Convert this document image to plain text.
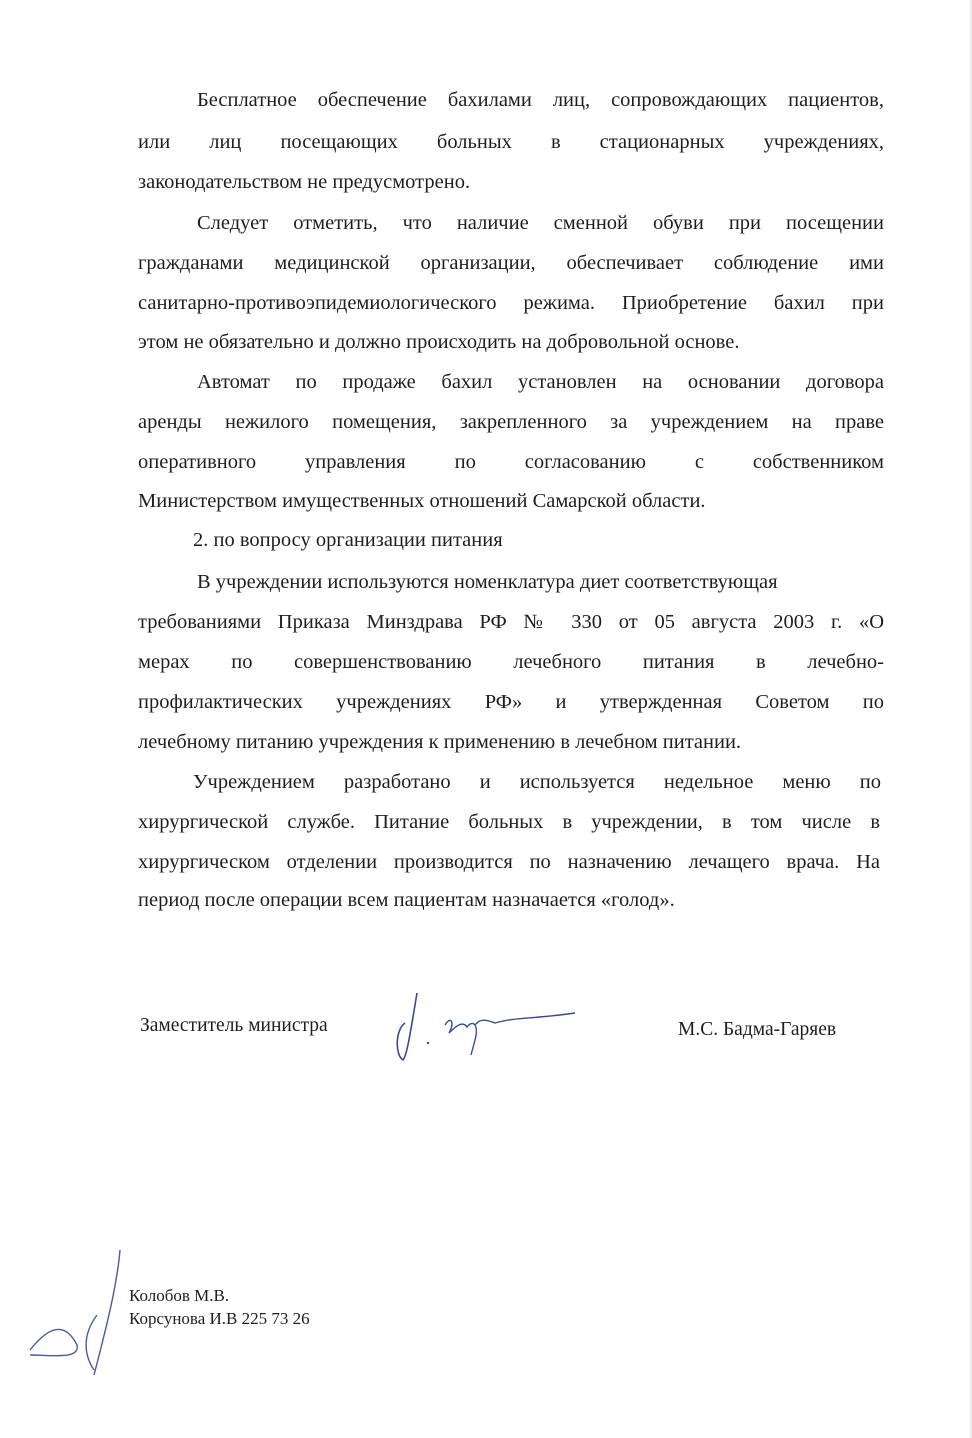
Бесплатное обеспечение бахилами лиц, сопровождающих пациентов,
или лиц посещающих больных в стационарных учреждениях,
законодательством не предусмотрено.
Следует отметить, что наличие сменной обуви при посещении
гражданами медицинской организации, обеспечивает соблюдение ими
санитарно-противоэпидемиологического режима. Приобретение бахил при
этом не обязательно и должно происходить на добровольной основе.
Автомат по продаже бахил установлен на основании договора
аренды нежилого помещения, закрепленного за учреждением на праве
оперативного управления по согласованию с собственником
Министерством имущественных отношений Самарской области.
2. по вопросу организации питания
В учреждении используются номенклатура диет соответствующая
требованиями Приказа Минздрава РФ № 330 от 05 августа 2003 г. «О
мерах по совершенствованию лечебного питания в лечебно-
профилактических учреждениях РФ» и утвержденная Советом по
лечебному питанию учреждения к применению в лечебном питании.
Учреждением разработано и используется недельное меню по
хирургической службе. Питание больных в учреждении, в том числе в
хирургическом отделении производится по назначению лечащего врача. На
период после операции всем пациентам назначается «голод».
Заместитель министра	М.С. Бадма-Гаряев
Колобов М.В.
Корсунова И.В 225 73 26
